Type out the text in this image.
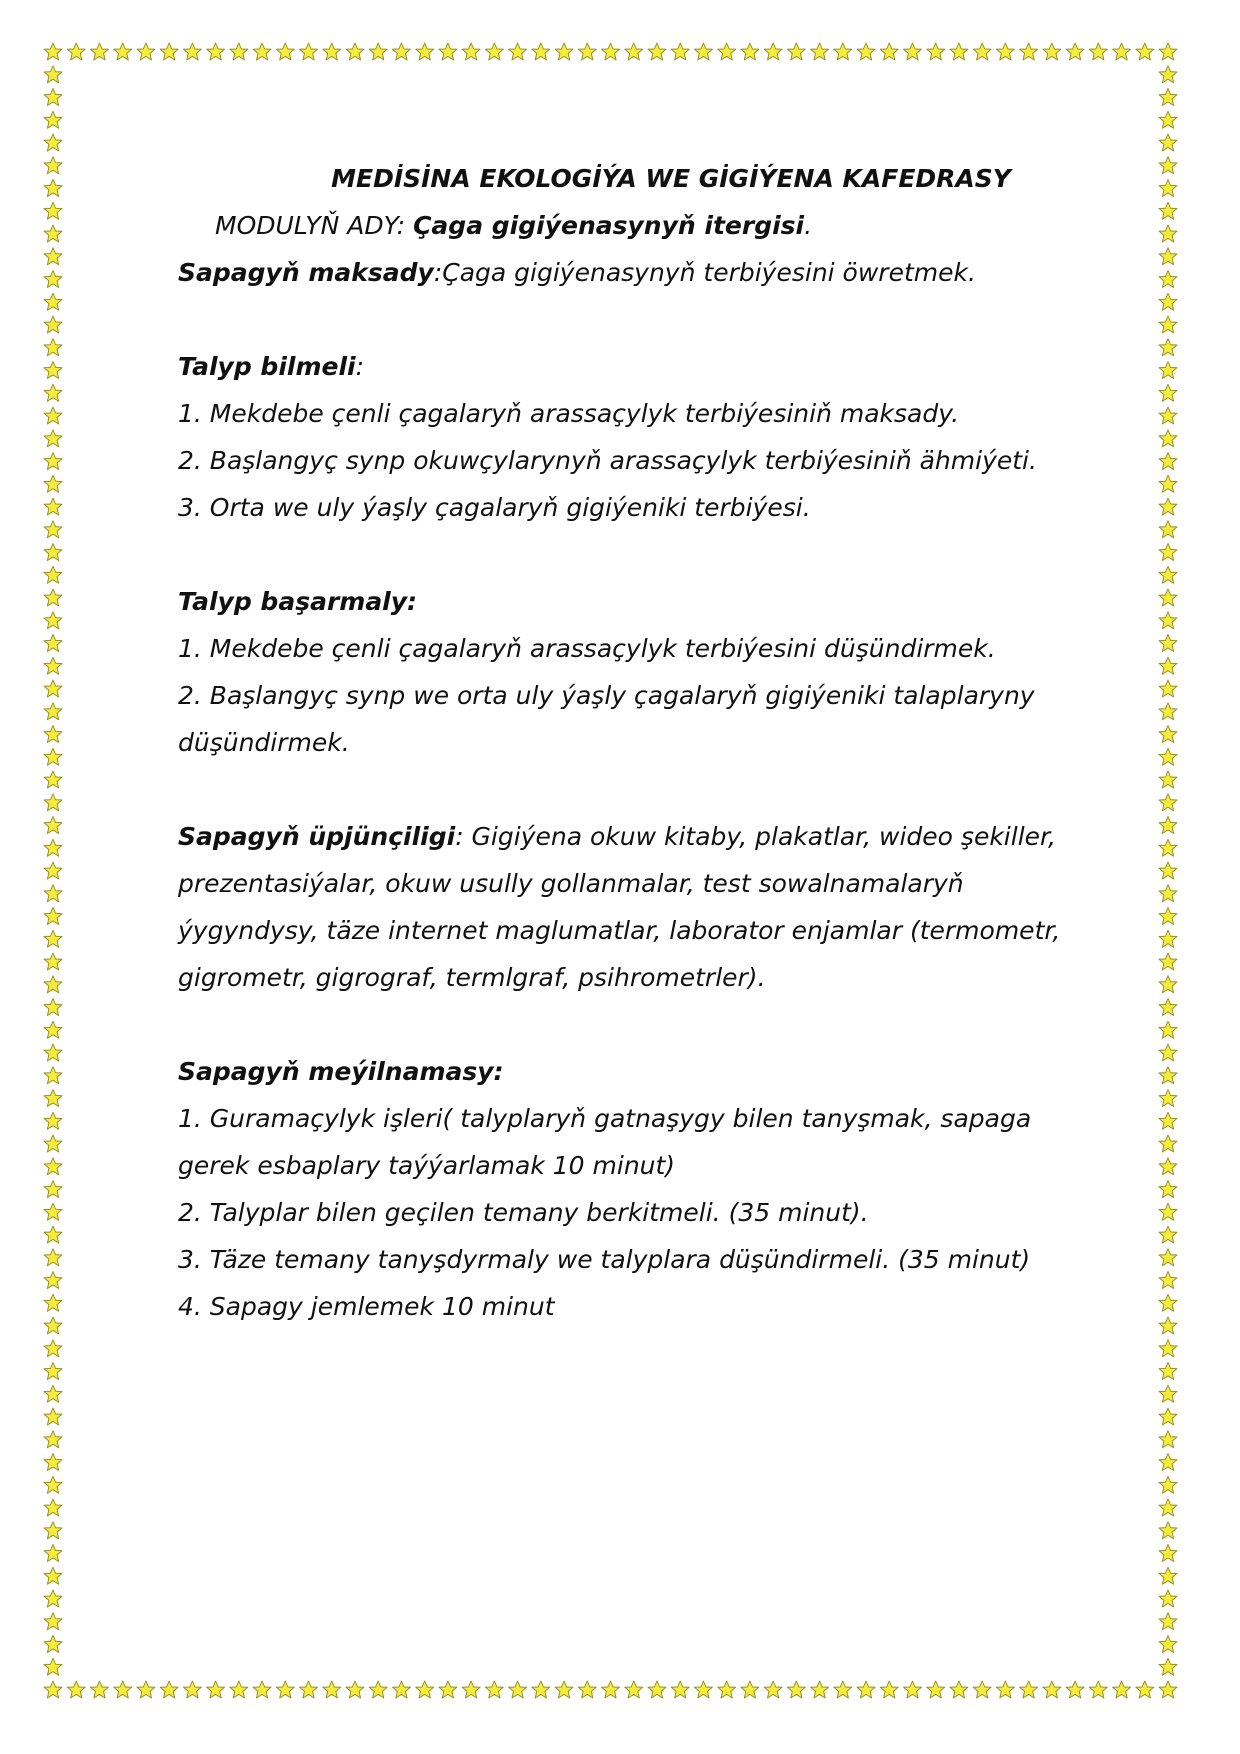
MEDİSİNA EKOLOGİÝA WE GİGİÝENA KAFEDRASY
MODULYŇ ADY: Çaga gigiýenasynyň itergisi.
Sapagyň maksady:Çaga gigiýenasynyň terbiýesini öwretmek.
Talyp bilmeli:
1. Mekdebe çenli çagalaryň arassaçylyk terbiýesiniň maksady.
2. Başlangyç synp okuwçylarynyň arassaçylyk terbiýesiniň ähmiýeti.
3. Orta we uly ýaşly çagalaryň gigiýeniki terbiýesi.
Talyp başarmaly:
1. Mekdebe çenli çagalaryň arassaçylyk terbiýesini düşündirmek.
2. Başlangyç synp we orta uly ýaşly çagalaryň gigiýeniki talaplaryny
düşündirmek.
Sapagyň üpjünçiligi: Gigiýena okuw kitaby, plakatlar, wideo şekiller,
prezentasiýalar, okuw usully gollanmalar, test sowalnamalaryň
ýygyndysy, täze internet maglumatlar, laborator enjamlar (termometr,
gigrometr, gigrograf, termlgraf, psihrometrler).
Sapagyň meýilnamasy:
1. Guramaçylyk işleri( talyplaryň gatnaşygy bilen tanyşmak, sapaga
gerek esbaplary taýýarlamak 10 minut)
2. Talyplar bilen geçilen temany berkitmeli. (35 minut).
3. Täze temany tanyşdyrmaly we talyplara düşündirmeli. (35 minut)
4. Sapagy jemlemek 10 minut
